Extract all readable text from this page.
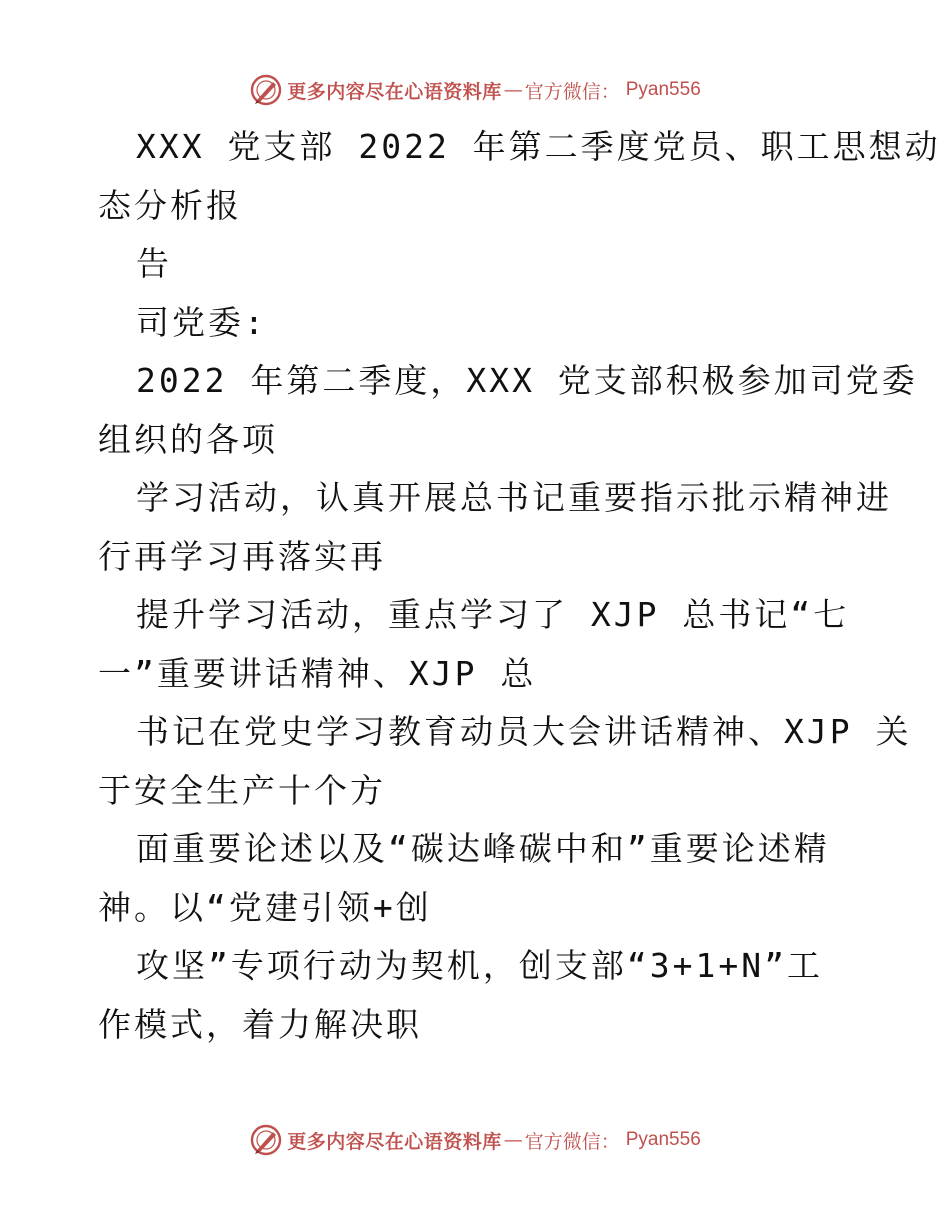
更多内容尽在心语资料库 — 官方微信： Pyan556
XXX 党支部 2022 年第二季度党员、职工思想动
态分析报
告
司党委:
2022 年第二季度，XXX 党支部积极参加司党委
组织的各项
学习活动，认真开展总书记重要指示批示精神进
行再学习再落实再
提升学习活动，重点学习了 XJP 总书记“七
一”重要讲话精神、XJP 总
书记在党史学习教育动员大会讲话精神、XJP 关
于安全生产十个方
面重要论述以及“碳达峰碳中和”重要论述精
神。以“党建引领+创
攻坚”专项行动为契机，创支部“3+1+N”工
作模式，着力解决职
更多内容尽在心语资料库 — 官方微信： Pyan556
